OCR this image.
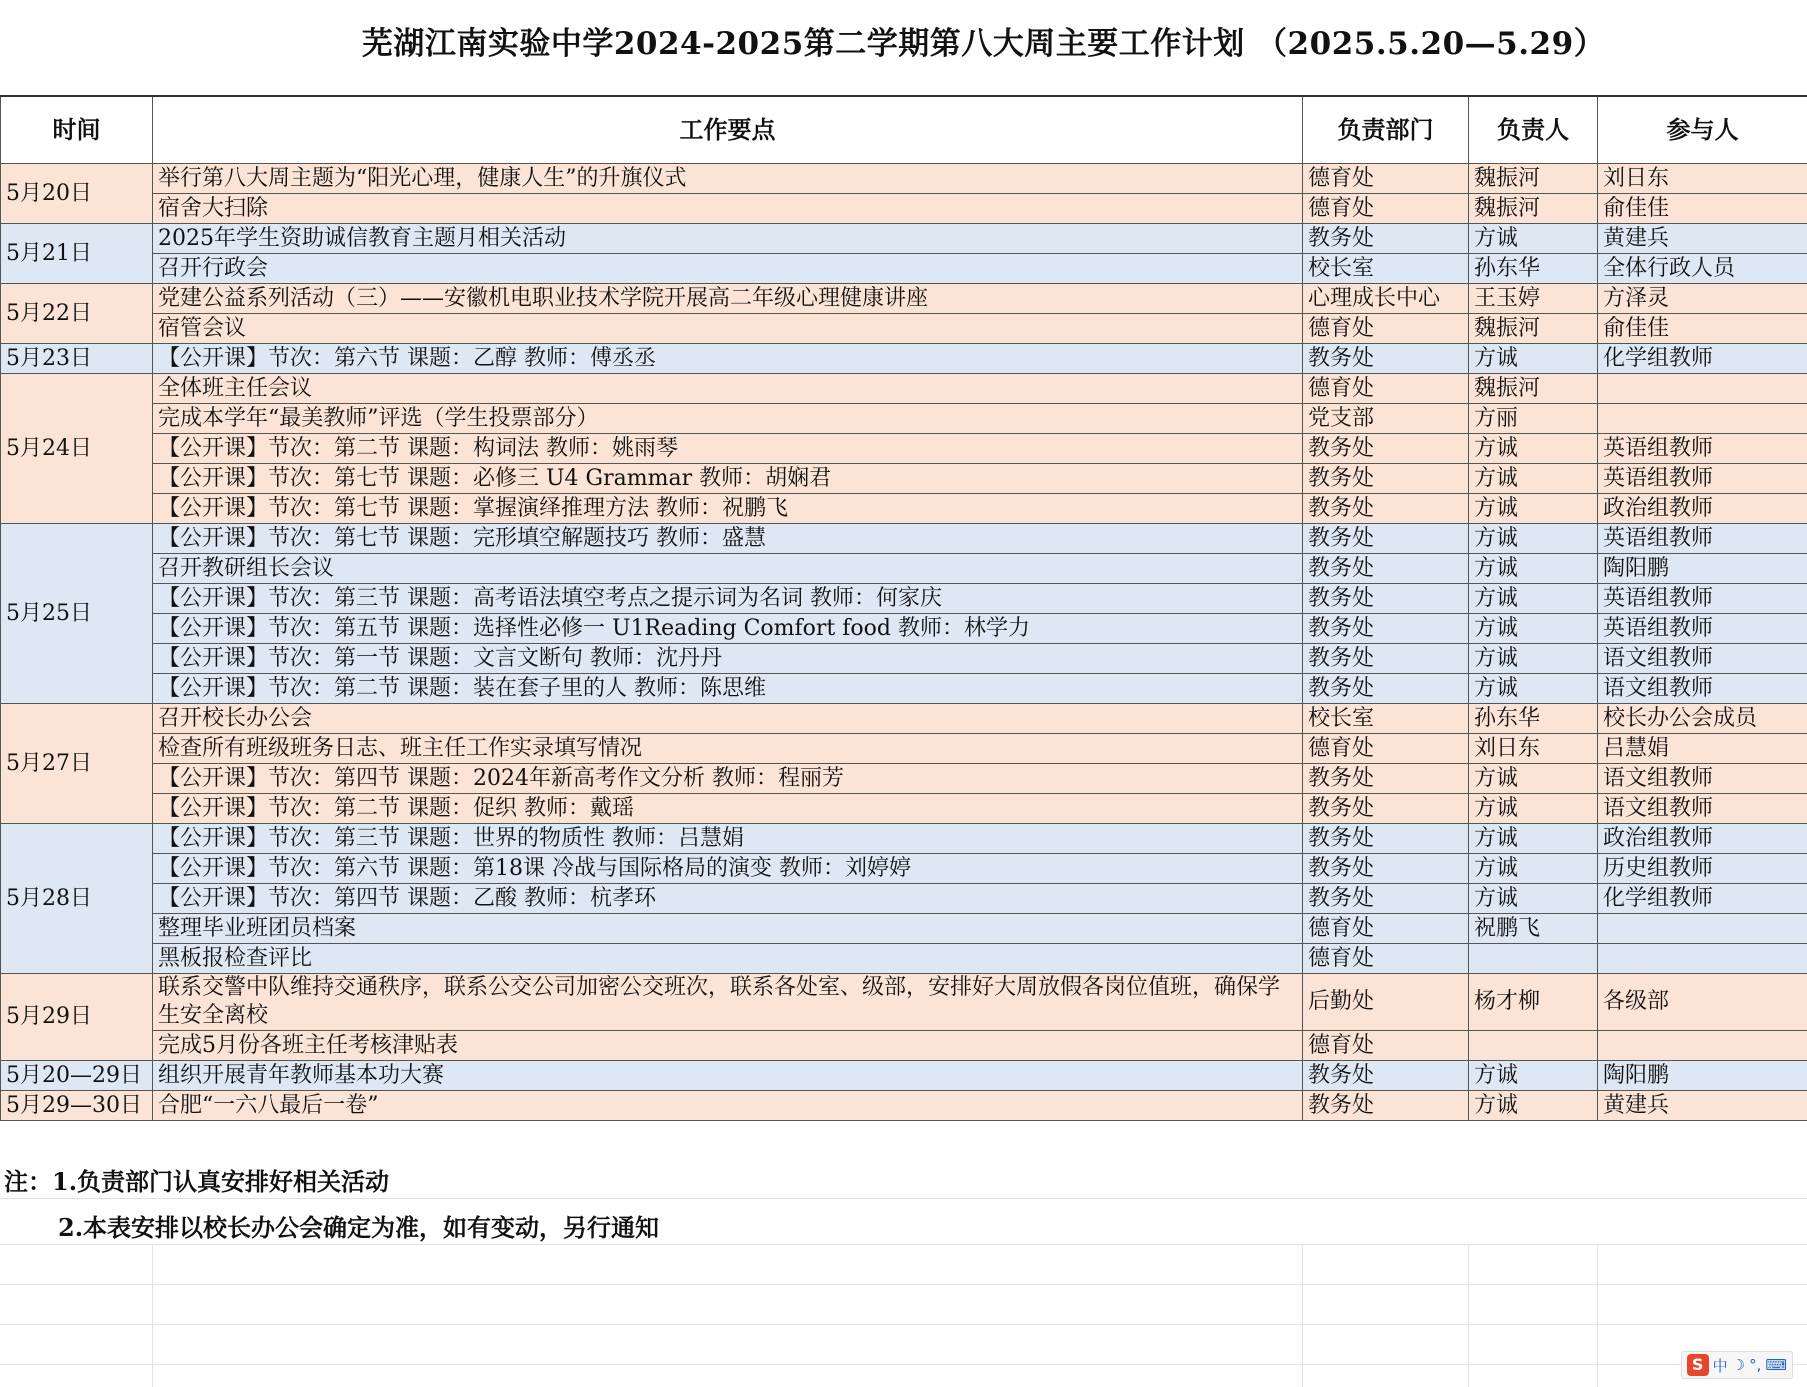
芜湖江南实验中学2024-2025第二学期第八大周主要工作计划 （2025.5.20—5.29）
时间	工作要点	负责部门	负责人	参与人
5月20日	举行第八大周主题为“阳光心理，健康人生”的升旗仪式	德育处	魏振河	刘日东
	宿舍大扫除	德育处	魏振河	俞佳佳
5月21日	2025年学生资助诚信教育主题月相关活动	教务处	方诚	黄建兵
	召开行政会	校长室	孙东华	全体行政人员
5月22日	党建公益系列活动（三）——安徽机电职业技术学院开展高二年级心理健康讲座	心理成长中心	王玉婷	方泽灵
	宿管会议	德育处	魏振河	俞佳佳
5月23日	【公开课】节次：第六节 课题：乙醇 教师：傅丞丞	教务处	方诚	化学组教师
5月24日	全体班主任会议	德育处	魏振河	
	完成本学年“最美教师”评选（学生投票部分）	党支部	方丽	
	【公开课】节次：第二节 课题：构词法 教师：姚雨琴	教务处	方诚	英语组教师
	【公开课】节次：第七节 课题：必修三 U4 Grammar 教师：胡娴君	教务处	方诚	英语组教师
	【公开课】节次：第七节 课题：掌握演绎推理方法 教师：祝鹏飞	教务处	方诚	政治组教师
5月25日	【公开课】节次：第七节 课题：完形填空解题技巧 教师：盛慧	教务处	方诚	英语组教师
	召开教研组长会议	教务处	方诚	陶阳鹏
	【公开课】节次：第三节 课题：高考语法填空考点之提示词为名词 教师：何家庆	教务处	方诚	英语组教师
	【公开课】节次：第五节 课题：选择性必修一 U1Reading Comfort food 教师：林学力	教务处	方诚	英语组教师
	【公开课】节次：第一节 课题：文言文断句 教师：沈丹丹	教务处	方诚	语文组教师
	【公开课】节次：第二节 课题：装在套子里的人 教师：陈思维	教务处	方诚	语文组教师
5月27日	召开校长办公会	校长室	孙东华	校长办公会成员
	检查所有班级班务日志、班主任工作实录填写情况	德育处	刘日东	吕慧娟
	【公开课】节次：第四节 课题：2024年新高考作文分析 教师：程丽芳	教务处	方诚	语文组教师
	【公开课】节次：第二节 课题：促织 教师：戴瑶	教务处	方诚	语文组教师
5月28日	【公开课】节次：第三节 课题：世界的物质性 教师：吕慧娟	教务处	方诚	政治组教师
	【公开课】节次：第六节 课题：第18课 冷战与国际格局的演变 教师：刘婷婷	教务处	方诚	历史组教师
	【公开课】节次：第四节 课题：乙酸 教师：杭孝环	教务处	方诚	化学组教师
	整理毕业班团员档案	德育处	祝鹏飞	
	黑板报检查评比	德育处		
5月29日	联系交警中队维持交通秩序，联系公交公司加密公交班次，联系各处室、级部，安排好大周放假各岗位值班，确保学生安全离校	后勤处	杨才柳	各级部
	完成5月份各班主任考核津贴表	德育处		
5月20—29日	组织开展青年教师基本功大赛	教务处	方诚	陶阳鹏
5月29—30日	合肥“一六八最后一卷”	教务处	方诚	黄建兵
注：1.负责部门认真安排好相关活动
2.本表安排以校长办公会确定为准，如有变动，另行通知
S 中 ☽ °, ⌨
